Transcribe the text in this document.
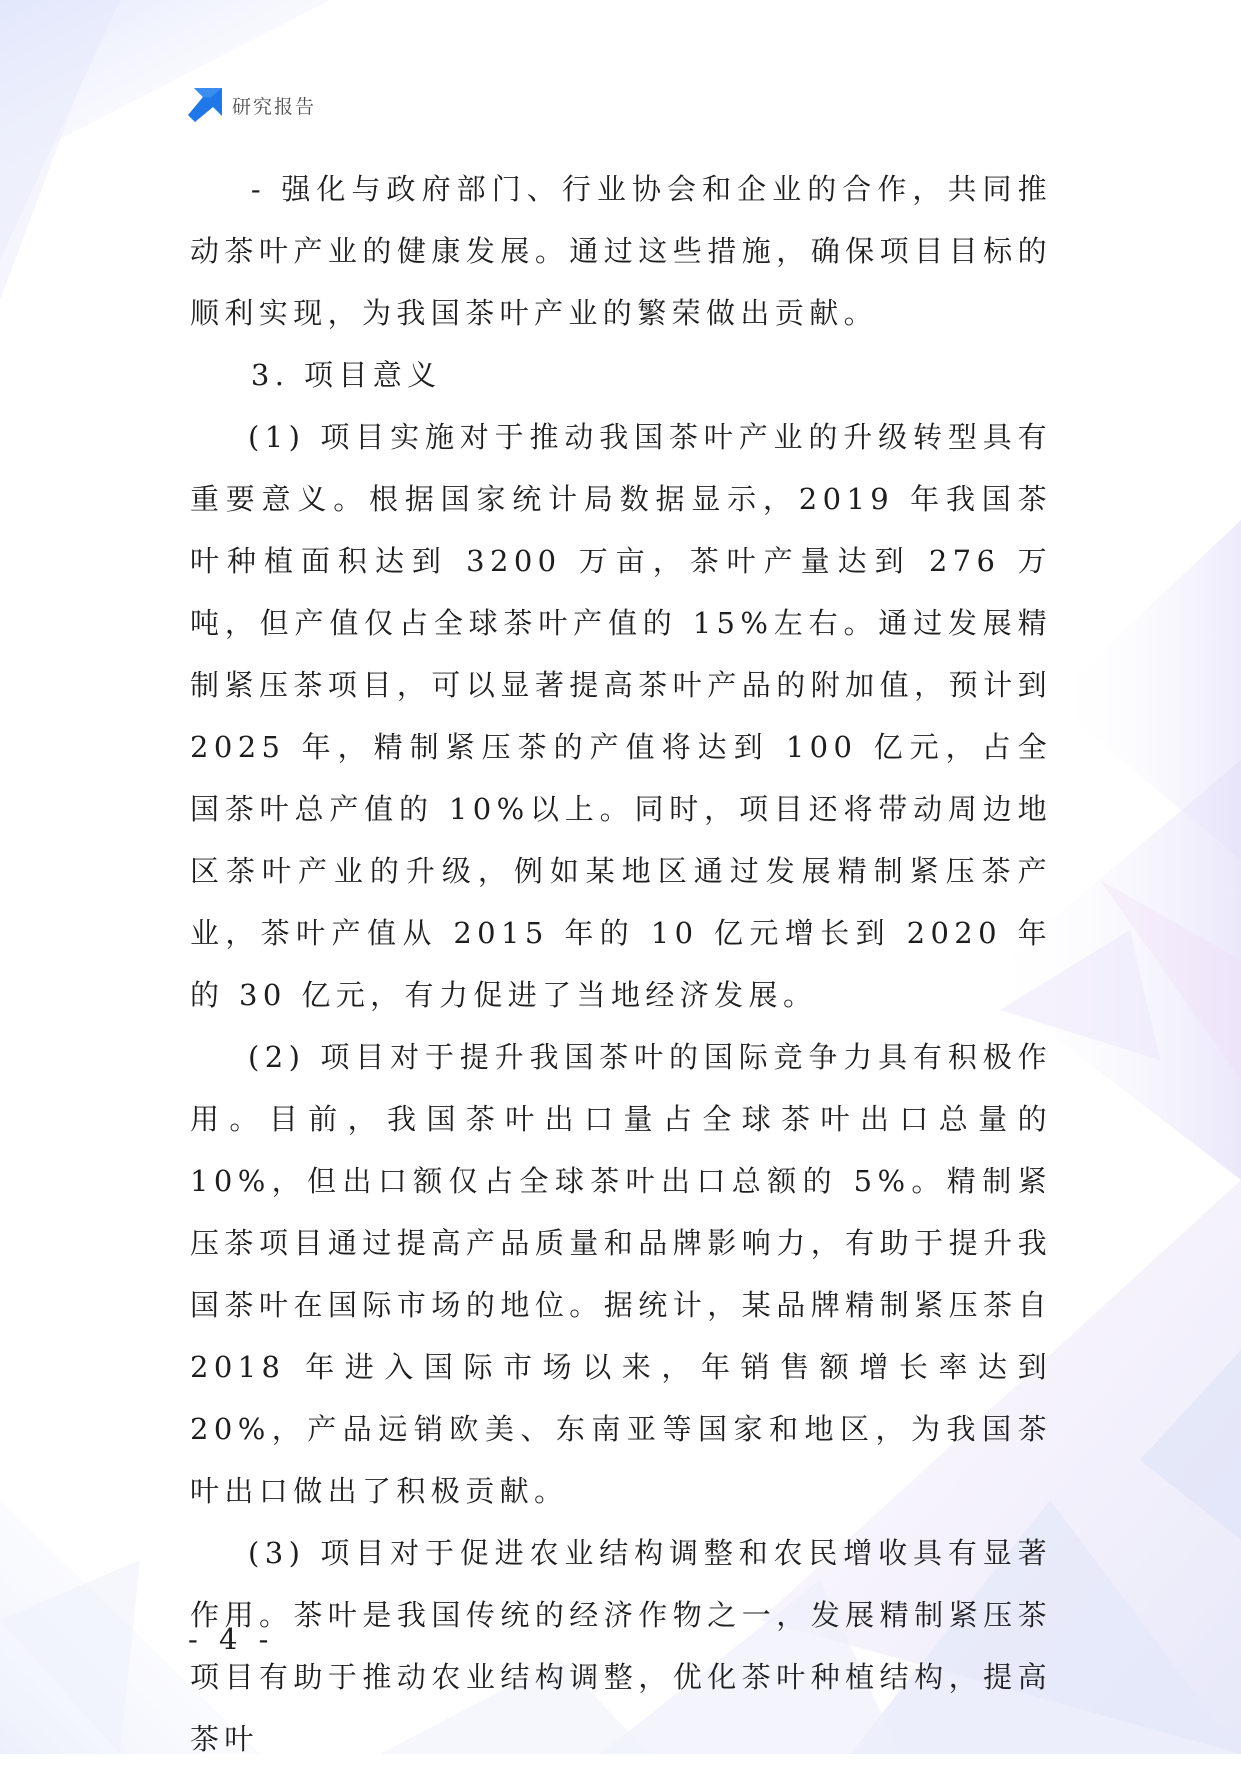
研究报告

- 强化与政府部门、行业协会和企业的合作，共同推动茶叶产业的健康发展。通过这些措施，确保项目目标的顺利实现，为我国茶叶产业的繁荣做出贡献。

3. 项目意义

(1) 项目实施对于推动我国茶叶产业的升级转型具有重要意义。根据国家统计局数据显示，2019 年我国茶叶种植面积达到 3200 万亩，茶叶产量达到 276 万吨，但产值仅占全球茶叶产值的 15%左右。通过发展精制紧压茶项目，可以显著提高茶叶产品的附加值，预计到 2025 年，精制紧压茶的产值将达到 100 亿元，占全国茶叶总产值的 10%以上。同时，项目还将带动周边地区茶叶产业的升级，例如某地区通过发展精制紧压茶产业，茶叶产值从 2015 年的 10 亿元增长到 2020 年的 30 亿元，有力促进了当地经济发展。

(2) 项目对于提升我国茶叶的国际竞争力具有积极作用。目前，我国茶叶出口量占全球茶叶出口总量的 10%，但出口额仅占全球茶叶出口总额的 5%。精制紧压茶项目通过提高产品质量和品牌影响力，有助于提升我国茶叶在国际市场的地位。据统计，某品牌精制紧压茶自 2018 年进入国际市场以来，年销售额增长率达到 20%，产品远销欧美、东南亚等国家和地区，为我国茶叶出口做出了积极贡献。

(3) 项目对于促进农业结构调整和农民增收具有显著作用。茶叶是我国传统的经济作物之一，发展精制紧压茶项目有助于推动农业结构调整，优化茶叶种植结构，提高茶叶

- 4 -
